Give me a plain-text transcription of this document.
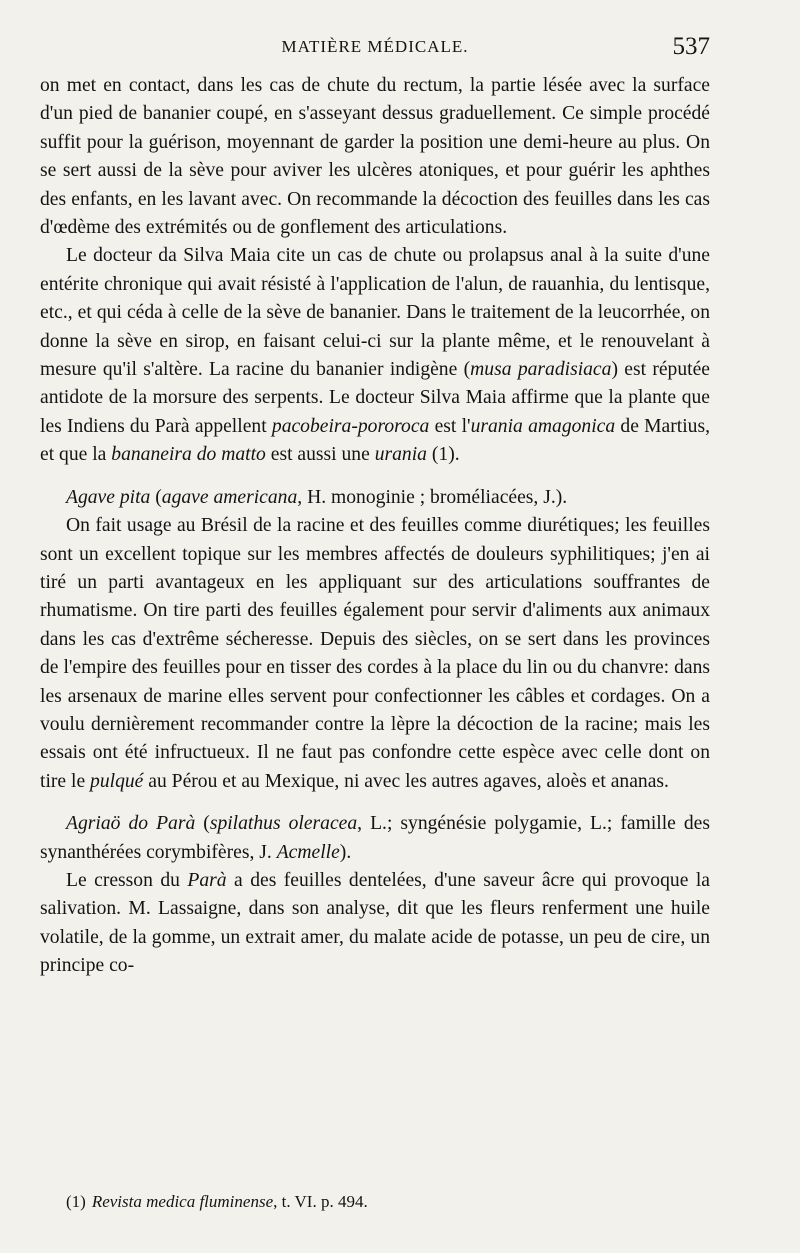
MATIÈRE MÉDICALE.	537

on met en contact, dans les cas de chute du rectum, la partie lésée avec la surface d'un pied de bananier coupé, en s'asseyant dessus graduellement. Ce simple procédé suffit pour la guérison, moyennant de garder la position une demi-heure au plus. On se sert aussi de la sève pour aviver les ulcères atoniques, et pour guérir les aphthes des enfants, en les lavant avec. On recommande la décoction des feuilles dans les cas d'œdème des extrémités ou de gonflement des articulations.

Le docteur da Silva Maia cite un cas de chute ou prolapsus anal à la suite d'une entérite chronique qui avait résisté à l'application de l'alun, de rauanhia, du lentisque, etc., et qui céda à celle de la sève de bananier. Dans le traitement de la leucorrhée, on donne la sève en sirop, en faisant celui-ci sur la plante même, et le renouvelant à mesure qu'il s'altère. La racine du bananier indigène (musa paradisiaca) est réputée antidote de la morsure des serpents. Le docteur Silva Maia affirme que la plante que les Indiens du Parà appellent pacobeira-pororoca est l'urania amagonica de Martius, et que la bananeira do matto est aussi une urania (1).

Agave pita (agave americana, H. monoginie ; broméliacées, J.).

On fait usage au Brésil de la racine et des feuilles comme diurétiques; les feuilles sont un excellent topique sur les membres affectés de douleurs syphilitiques; j'en ai tiré un parti avantageux en les appliquant sur des articulations souffrantes de rhumatisme. On tire parti des feuilles également pour servir d'aliments aux animaux dans les cas d'extrême sécheresse. Depuis des siècles, on se sert dans les provinces de l'empire des feuilles pour en tisser des cordes à la place du lin ou du chanvre: dans les arsenaux de marine elles servent pour confectionner les câbles et cordages. On a voulu dernièrement recommander contre la lèpre la décoction de la racine; mais les essais ont été infructueux. Il ne faut pas confondre cette espèce avec celle dont on tire le pulqué au Pérou et au Mexique, ni avec les autres agaves, aloès et ananas.

Agriaö do Parà (spilathus oleracea, L.; syngénésie polygamie, L.; famille des synanthérées corymbifères, J. Acmelle).

Le cresson du Parà a des feuilles dentelées, d'une saveur âcre qui provoque la salivation. M. Lassaigne, dans son analyse, dit que les fleurs renferment une huile volatile, de la gomme, un extrait amer, du malate acide de potasse, un peu de cire, un principe co-

(1) Revista medica fluminense, t. VI. p. 494.
